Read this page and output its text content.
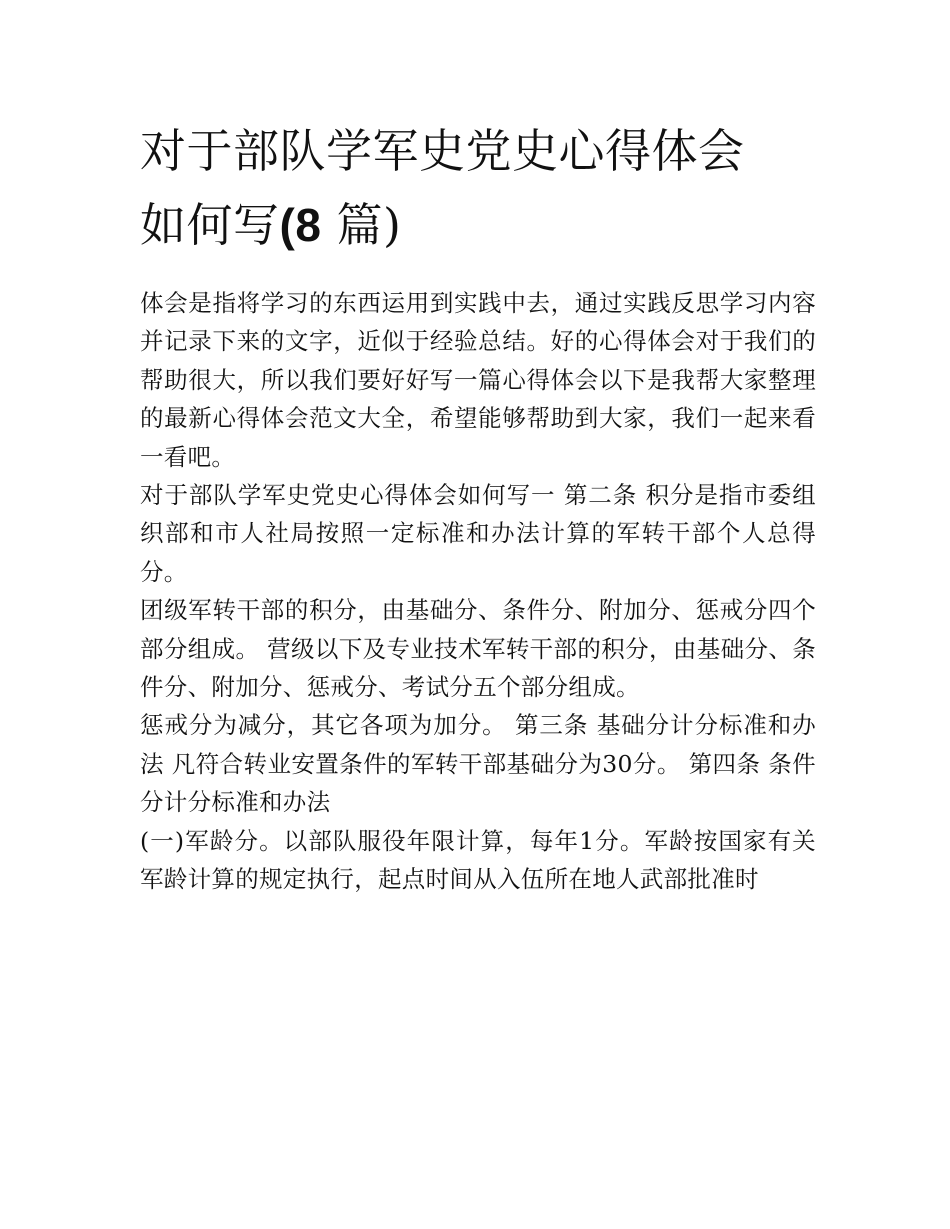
对于部队学军史党史心得体会
如何写(8 篇)

体会是指将学习的东西运用到实践中去，通过实践反思学习内容并记录下来的文字，近似于经验总结。好的心得体会对于我们的帮助很大，所以我们要好好写一篇心得体会以下是我帮大家整理的最新心得体会范文大全，希望能够帮助到大家，我们一起来看一看吧。

对于部队学军史党史心得体会如何写一 第二条 积分是指市委组织部和市人社局按照一定标准和办法计算的军转干部个人总得分。

团级军转干部的积分，由基础分、条件分、附加分、惩戒分四个部分组成。 营级以下及专业技术军转干部的积分，由基础分、条件分、附加分、惩戒分、考试分五个部分组成。

惩戒分为减分，其它各项为加分。 第三条 基础分计分标准和办法 凡符合转业安置条件的军转干部基础分为30分。 第四条 条件分计分标准和办法

(一)军龄分。以部队服役年限计算，每年1分。军龄按国家有关军龄计算的规定执行，起点时间从入伍所在地人武部批准时
